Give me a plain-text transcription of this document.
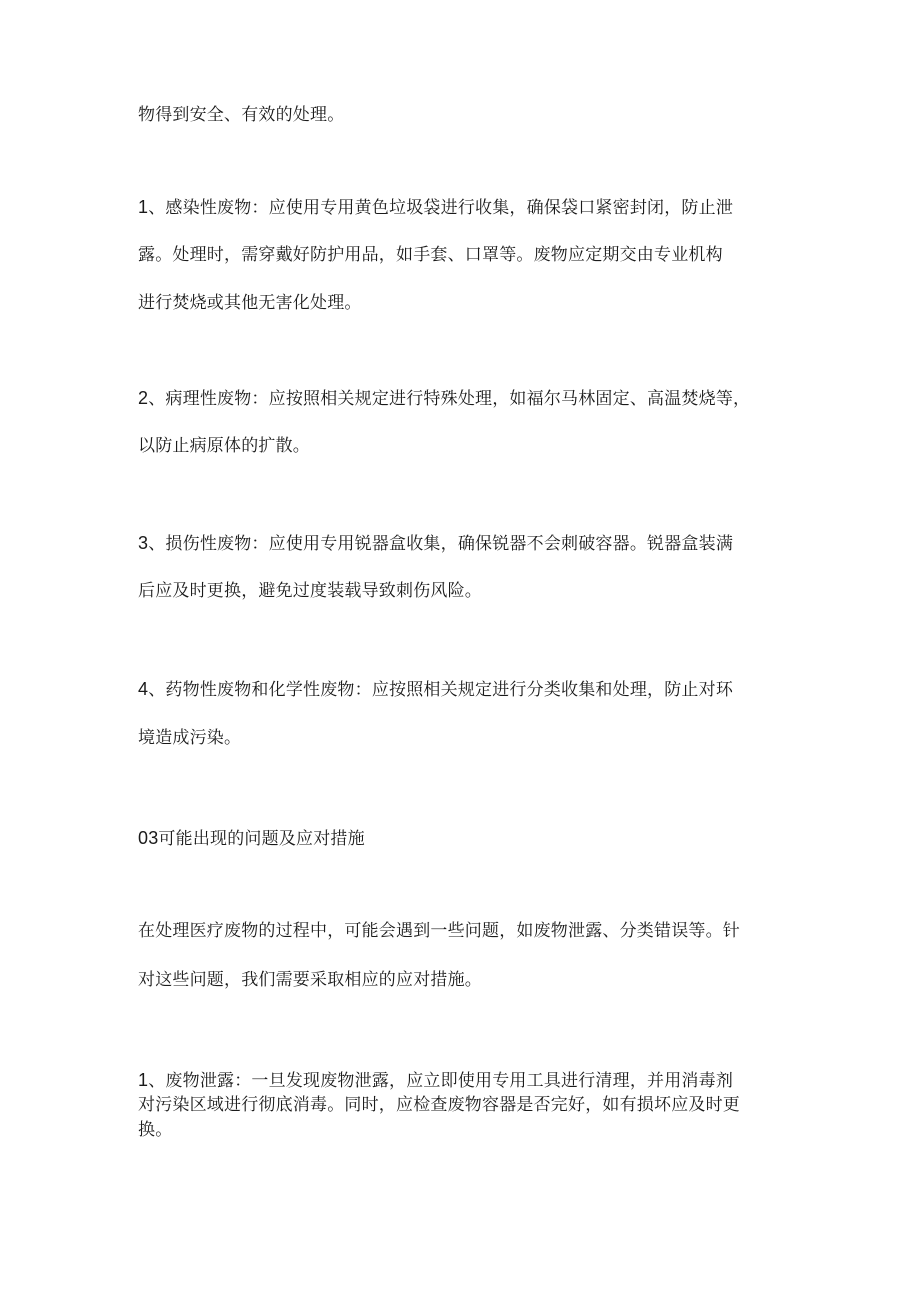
物得到安全、有效的处理。
1、感染性废物：应使用专用黄色垃圾袋进行收集，确保袋口紧密封闭，防止泄
露。处理时，需穿戴好防护用品，如手套、口罩等。废物应定期交由专业机构
进行焚烧或其他无害化处理。
2、病理性废物：应按照相关规定进行特殊处理，如福尔马林固定、高温焚烧等，
以防止病原体的扩散。
3、损伤性废物：应使用专用锐器盒收集，确保锐器不会刺破容器。锐器盒装满
后应及时更换，避免过度装载导致刺伤风险。
4、药物性废物和化学性废物：应按照相关规定进行分类收集和处理，防止对环
境造成污染。
03可能出现的问题及应对措施
在处理医疗废物的过程中，可能会遇到一些问题，如废物泄露、分类错误等。针
对这些问题，我们需要采取相应的应对措施。
1、废物泄露：一旦发现废物泄露，应立即使用专用工具进行清理，并用消毒剂
对污染区域进行彻底消毒。同时，应检查废物容器是否完好，如有损坏应及时更
换。
